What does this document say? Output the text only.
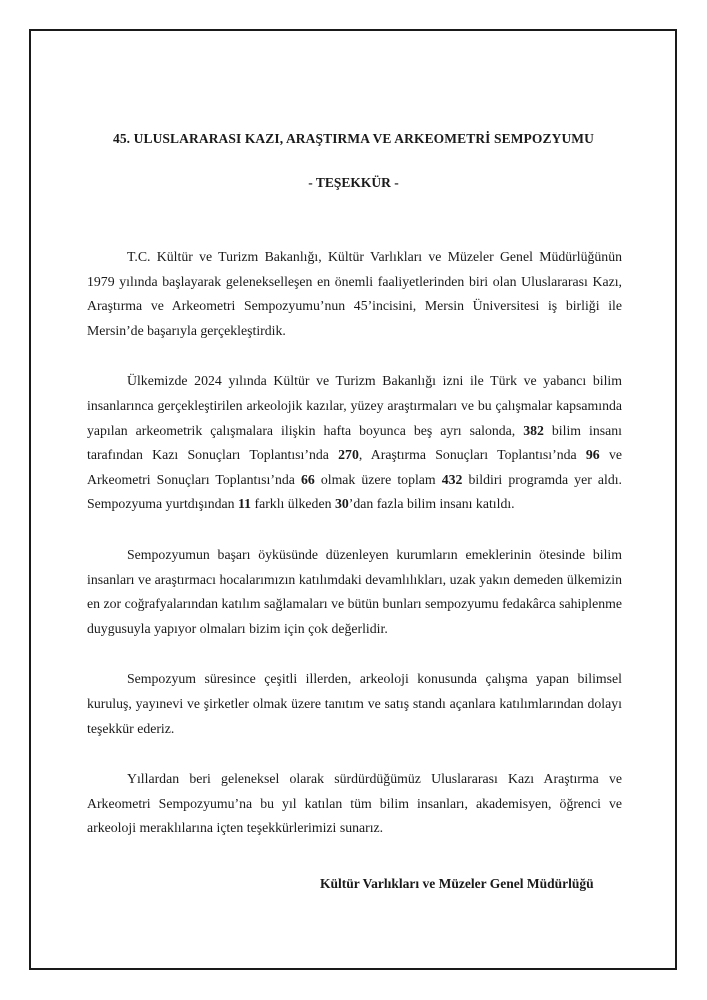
45. ULUSLARARASI KAZI, ARAŞTIRMA VE ARKEOMETRİ SEMPOZYUMU
- TEŞEKKÜR -

T.C. Kültür ve Turizm Bakanlığı, Kültür Varlıkları ve Müzeler Genel Müdürlüğünün 1979 yılında başlayarak gelenekselleşen en önemli faaliyetlerinden biri olan Uluslararası Kazı, Araştırma ve Arkeometri Sempozyumu’nun 45’incisini, Mersin Üniversitesi iş birliği ile Mersin’de başarıyla gerçekleştirdik.

Ülkemizde 2024 yılında Kültür ve Turizm Bakanlığı izni ile Türk ve yabancı bilim insanlarınca gerçekleştirilen arkeolojik kazılar, yüzey araştırmaları ve bu çalışmalar kapsamında yapılan arkeometrik çalışmalara ilişkin hafta boyunca beş ayrı salonda, 382 bilim insanı tarafından Kazı Sonuçları Toplantısı’nda 270, Araştırma Sonuçları Toplantısı’nda 96 ve Arkeometri Sonuçları Toplantısı’nda 66 olmak üzere toplam 432 bildiri programda yer aldı. Sempozyuma yurtdışından 11 farklı ülkeden 30’dan fazla bilim insanı katıldı.

Sempozyumun başarı öyküsünde düzenleyen kurumların emeklerinin ötesinde bilim insanları ve araştırmacı hocalarımızın katılımdaki devamlılıkları, uzak yakın demeden ülkemizin en zor coğrafyalarından katılım sağlamaları ve bütün bunları sempozyumu fedakârca sahiplenme duygusuyla yapıyor olmaları bizim için çok değerlidir.

Sempozyum süresince çeşitli illerden, arkeoloji konusunda çalışma yapan bilimsel kuruluş, yayınevi ve şirketler olmak üzere tanıtım ve satış standı açanlara katılımlarından dolayı teşekkür ederiz.

Yıllardan beri geleneksel olarak sürdürdüğümüz Uluslararası Kazı Araştırma ve Arkeometri Sempozyumu’na bu yıl katılan tüm bilim insanları, akademisyen, öğrenci ve arkeoloji meraklılarına içten teşekkürlerimizi sunarız.

Kültür Varlıkları ve Müzeler Genel Müdürlüğü
